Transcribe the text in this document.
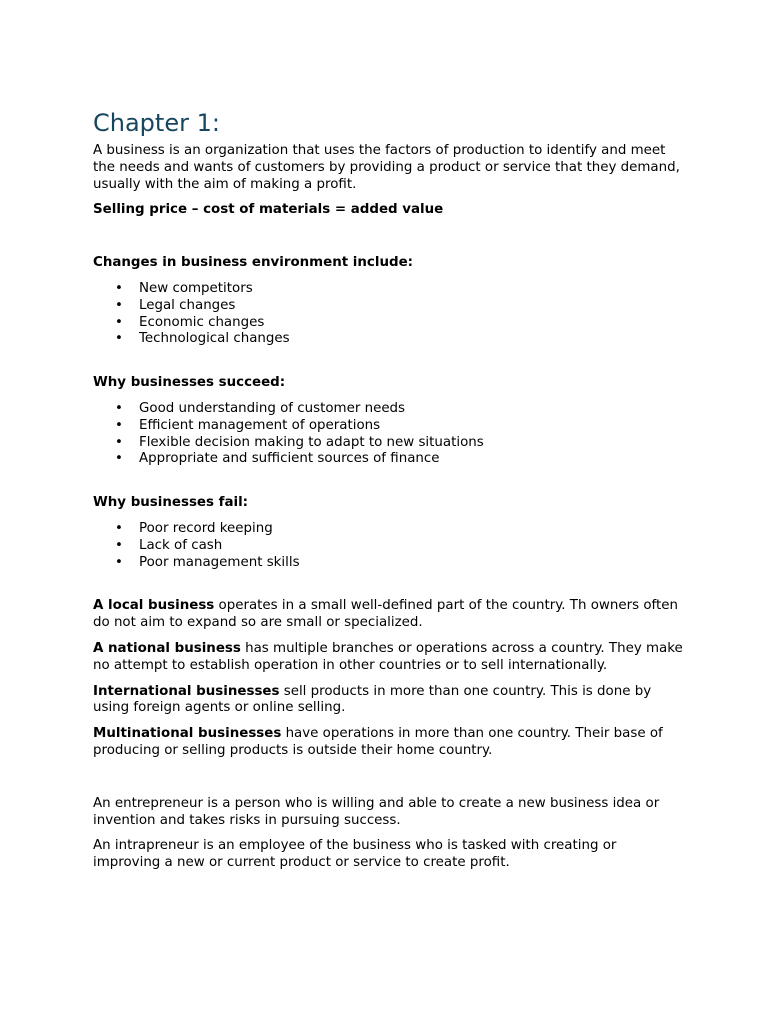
Chapter 1:

A business is an organization that uses the factors of production to identify and meet the needs and wants of customers by providing a product or service that they demand, usually with the aim of making a profit.

Selling price – cost of materials = added value

Changes in business environment include:
• New competitors
• Legal changes
• Economic changes
• Technological changes
Why businesses succeed:
• Good understanding of customer needs
• Efficient management of operations
• Flexible decision making to adapt to new situations
• Appropriate and sufficient sources of finance
Why businesses fail:
• Poor record keeping
• Lack of cash
• Poor management skills

A local business operates in a small well-defined part of the country. Th owners often do not aim to expand so are small or specialized.

A national business has multiple branches or operations across a country. They make no attempt to establish operation in other countries or to sell internationally.

International businesses sell products in more than one country. This is done by using foreign agents or online selling.

Multinational businesses have operations in more than one country. Their base of producing or selling products is outside their home country.

An entrepreneur is a person who is willing and able to create a new business idea or invention and takes risks in pursuing success.

An intrapreneur is an employee of the business who is tasked with creating or improving a new or current product or service to create profit.
